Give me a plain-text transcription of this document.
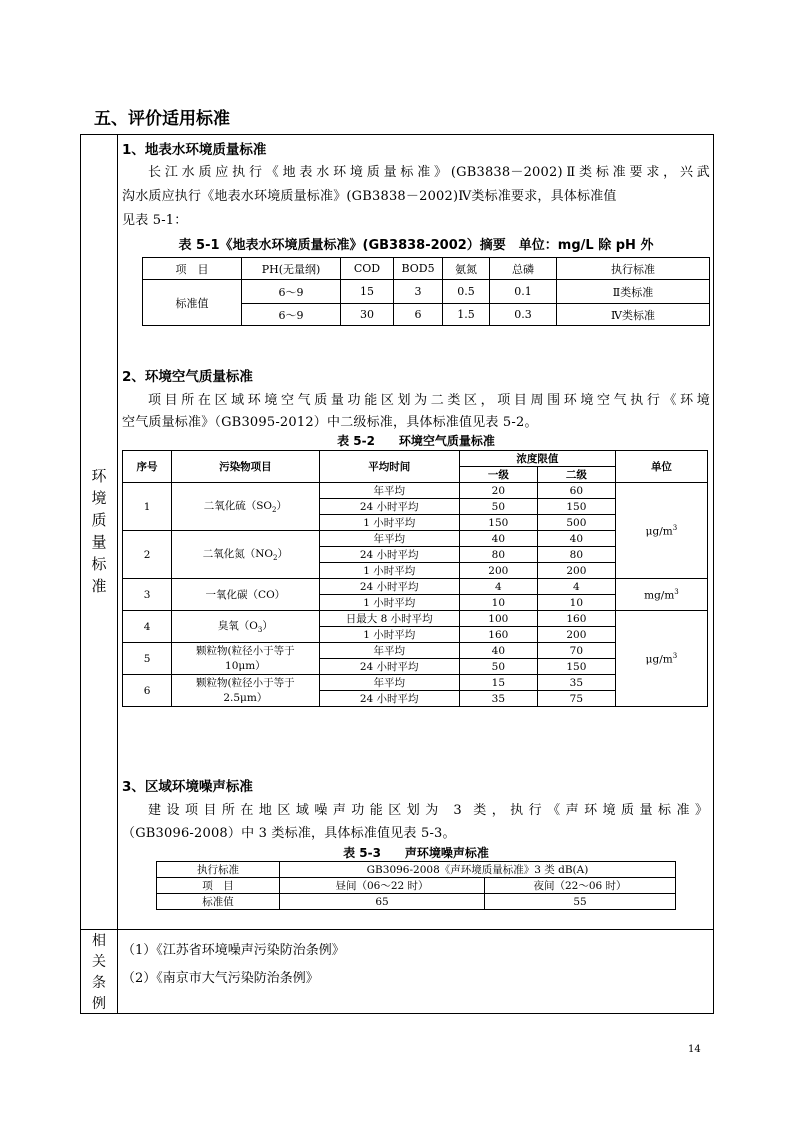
五、评价适用标准
环
境
质
量
标
准
相
关
条
例

1、地表水环境质量标准

长江水质应执行《地表水环境质量标准》(GB3838－2002)Ⅱ类标准要求，兴武

沟水质应执行《地表水环境质量标准》(GB3838－2002)Ⅳ类标准要求，具体标准值

见表 5-1：

表 5-1《地表水环境质量标准》(GB3838-2002）摘要　单位：mg/L 除 pH 外

项　目	PH(无量纲)	COD	BOD5	氨氮	总磷	执行标准
标准值	6～9	15	3	0.5	0.1	Ⅱ类标准
	6～9	30	6	1.5	0.3	Ⅳ类标准

2、环境空气质量标准

项目所在区域环境空气质量功能区划为二类区，项目周围环境空气执行《环境

空气质量标准》（GB3095-2012）中二级标准，具体标准值见表 5-2。

表 5-2　　环境空气质量标准

序号	污染物项目	平均时间	浓度限值		单位
			一级	二级	
1	二氧化硫$(SO_2)$	年平均	20	60	$\mu g/m^3$
		24 小时平均	50	150	
		1 小时平均	150	500	
2	二氧化氮$(NO_2)$	年平均	40	40	
		24 小时平均	80	80	
		1 小时平均	200	200	
3	一氧化碳（CO）	24 小时平均	4	4	$mg/m^3$
		1 小时平均	10	10	
4	臭氧$(O_3)$	日最大 8 小时平均	100	160	$\mu g/m^3$
		1 小时平均	160	200	
5	颗粒物(粒径小于等于
10μm）	年平均	40	70	
		24 小时平均	50	150	
6	颗粒物(粒径小于等于
2.5μm）	年平均	15	35	
		24 小时平均	35	75	

3、区域环境噪声标准

建设项目所在地区域噪声功能区划为 3 类，执行《声环境质量标准》

（GB3096-2008）中 3 类标准，具体标准值见表 5-3。

表 5-3　　声环境噪声标准

执行标准	GB3096-2008《声环境质量标准》3 类 dB(A)	
项　目	昼间（06～22 时）	夜间（22～06 时）
标准值	65	55

（1）《江苏省环境噪声污染防治条例》

（2）《南京市大气污染防治条例》

14
